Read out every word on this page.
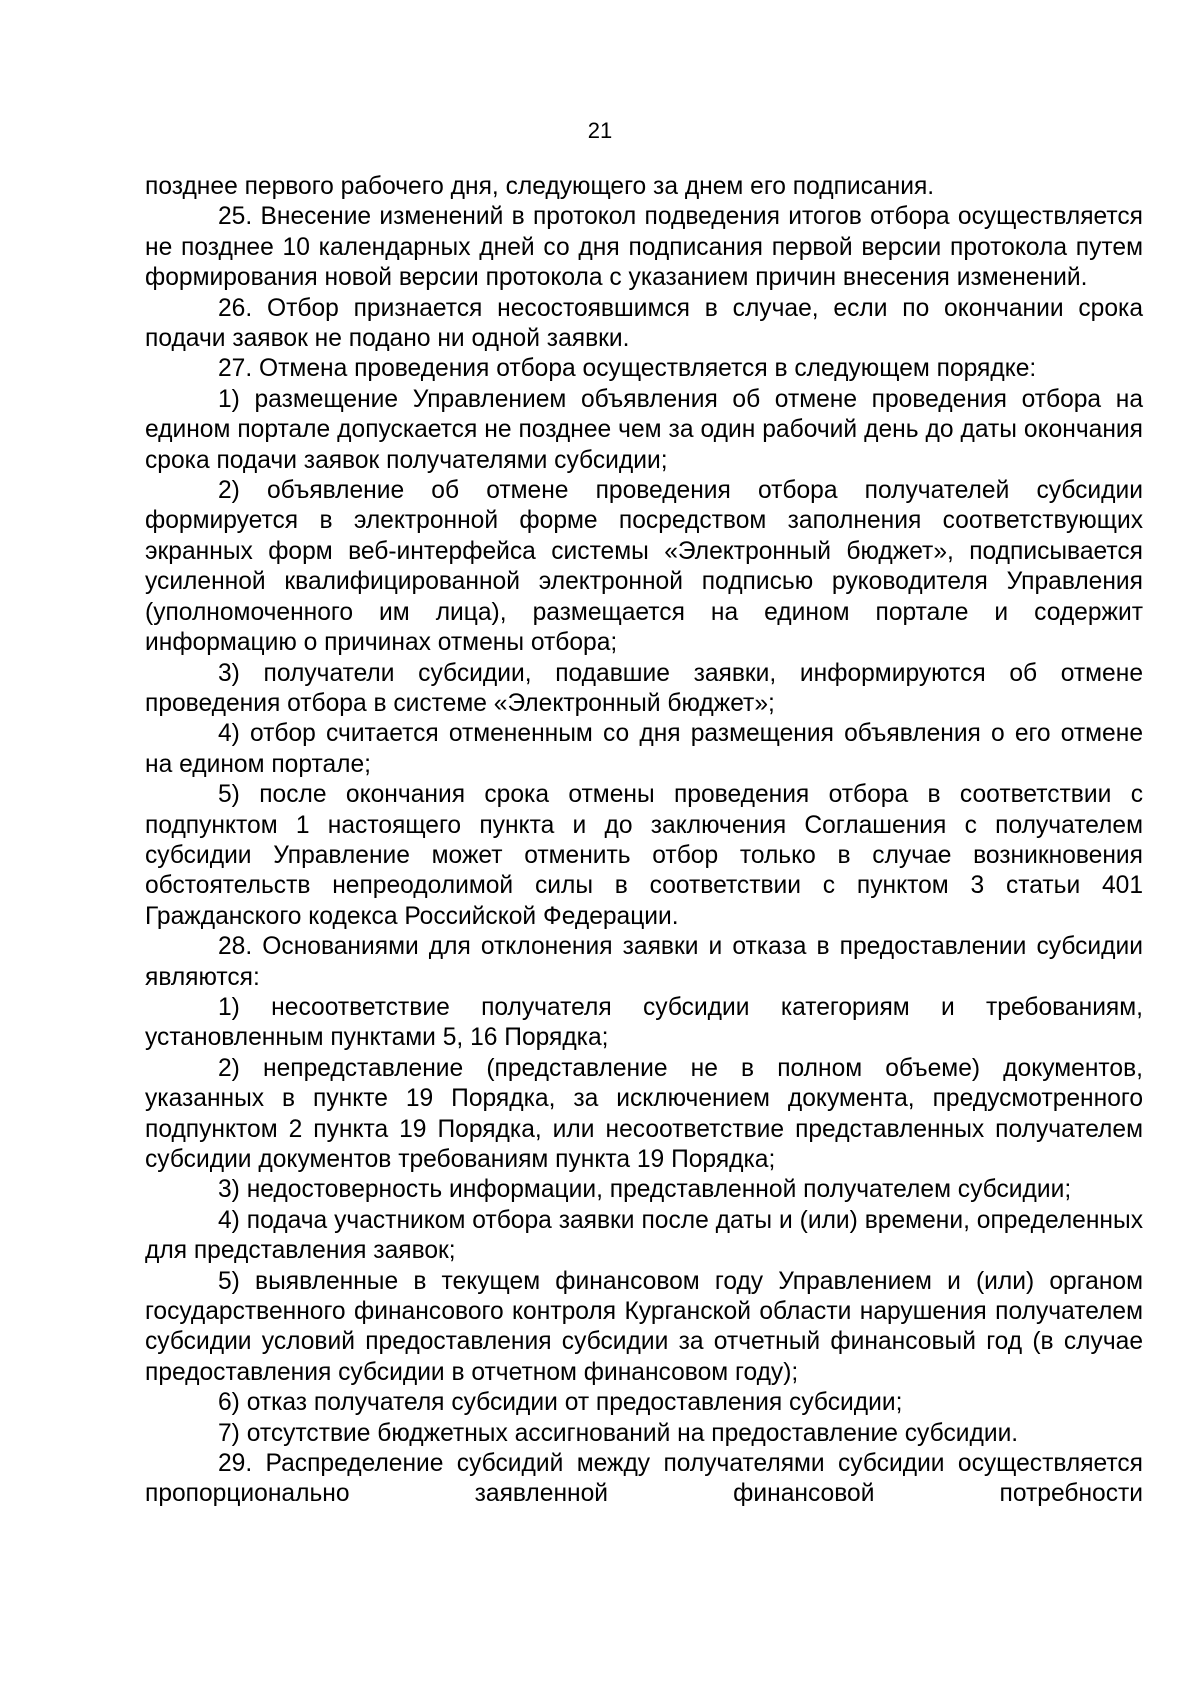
21

позднее первого рабочего дня, следующего за днем его подписания.

25. Внесение изменений в протокол подведения итогов отбора осуществляется не позднее 10 календарных дней со дня подписания первой версии протокола путем формирования новой версии протокола с указанием причин внесения изменений.

26. Отбор признается несостоявшимся в случае, если по окончании срока подачи заявок не подано ни одной заявки.

27. Отмена проведения отбора осуществляется в следующем порядке:

1) размещение Управлением объявления об отмене проведения отбора на едином портале допускается не позднее чем за один рабочий день до даты окончания срока подачи заявок получателями субсидии;

2) объявление об отмене проведения отбора получателей субсидии формируется в электронной форме посредством заполнения соответствующих экранных форм веб-интерфейса системы «Электронный бюджет», подписывается усиленной квалифицированной электронной подписью руководителя Управления (уполномоченного им лица), размещается на едином портале и содержит информацию о причинах отмены отбора;

3) получатели субсидии, подавшие заявки, информируются об отмене проведения отбора в системе «Электронный бюджет»;

4) отбор считается отмененным со дня размещения объявления о его отмене на едином портале;

5) после окончания срока отмены проведения отбора в соответствии с подпунктом 1 настоящего пункта и до заключения Соглашения с получателем субсидии Управление может отменить отбор только в случае возникновения обстоятельств непреодолимой силы в соответствии с пунктом 3 статьи 401 Гражданского кодекса Российской Федерации.

28. Основаниями для отклонения заявки и отказа в предоставлении субсидии являются:

1) несоответствие получателя субсидии категориям и требованиям, установленным пунктами 5, 16 Порядка;

2) непредставление (представление не в полном объеме) документов, указанных в пункте 19 Порядка, за исключением документа, предусмотренного подпунктом 2 пункта 19 Порядка, или несоответствие представленных получателем субсидии документов требованиям пункта 19 Порядка;

3) недостоверность информации, представленной получателем субсидии;

4) подача участником отбора заявки после даты и (или) времени, определенных для представления заявок;

5) выявленные в текущем финансовом году Управлением и (или) органом государственного финансового контроля Курганской области нарушения получателем субсидии условий предоставления субсидии за отчетный финансовый год (в случае предоставления субсидии в отчетном финансовом году);

6) отказ получателя субсидии от предоставления субсидии;

7) отсутствие бюджетных ассигнований на предоставление субсидии.

29. Распределение субсидий между получателями субсидии осуществляется пропорционально заявленной финансовой потребности
